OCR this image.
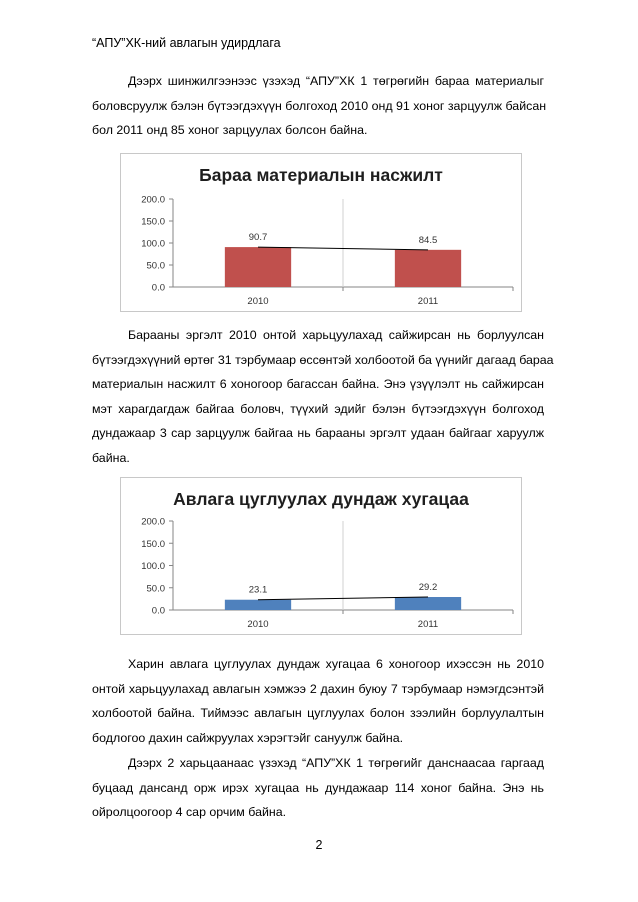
“АПУ”ХК-ний авлагын удирдлага
Дээрх шинжилгээнээс үзэхэд “АПУ”ХК 1 төгрөгийн бараа материалыг
боловсруулж бэлэн бүтээгдэхүүн болгоход 2010 онд 91 хоног зарцуулж байсан
бол 2011 онд 85 хоног зарцуулах болсон байна.
Бараа материалын насжилт
0.0
50.0
100.0
150.0
200.0
90.7
2010
84.5
2011
Барааны эргэлт 2010 онтой харьцуулахад сайжирсан нь борлуулсан
бүтээгдэхүүний өртөг 31 тэрбумаар өссөнтэй холбоотой ба үүнийг дагаад бараа
материалын насжилт 6 хоногоор багассан байна. Энэ үзүүлэлт нь сайжирсан
мэт харагдагдаж байгаа боловч, түүхий эдийг бэлэн бүтээгдэхүүн болгоход
дундажаар 3 сар зарцуулж байгаа нь барааны эргэлт удаан байгааг харуулж
байна.
Авлага цуглуулах дундаж хугацаа
0.0
50.0
100.0
150.0
200.0
23.1
2010
29.2
2011
Харин авлага цуглуулах дундаж хугацаа 6 хоногоор ихэссэн нь 2010
онтой харьцуулахад авлагын хэмжээ 2 дахин буюу 7 тэрбумаар нэмэгдсэнтэй
холбоотой байна. Тиймээс авлагын цуглуулах болон зээлийн борлуулалтын
бодлогоо дахин сайжруулах хэрэгтэйг сануулж байна.
Дээрх 2 харьцаанаас үзэхэд “АПУ”ХК 1 төгрөгийг данснаасаа гаргаад
буцаад дансанд орж ирэх хугацаа нь дундажаар 114 хоног байна. Энэ нь
ойролцоогоор 4 сар орчим байна.
2
